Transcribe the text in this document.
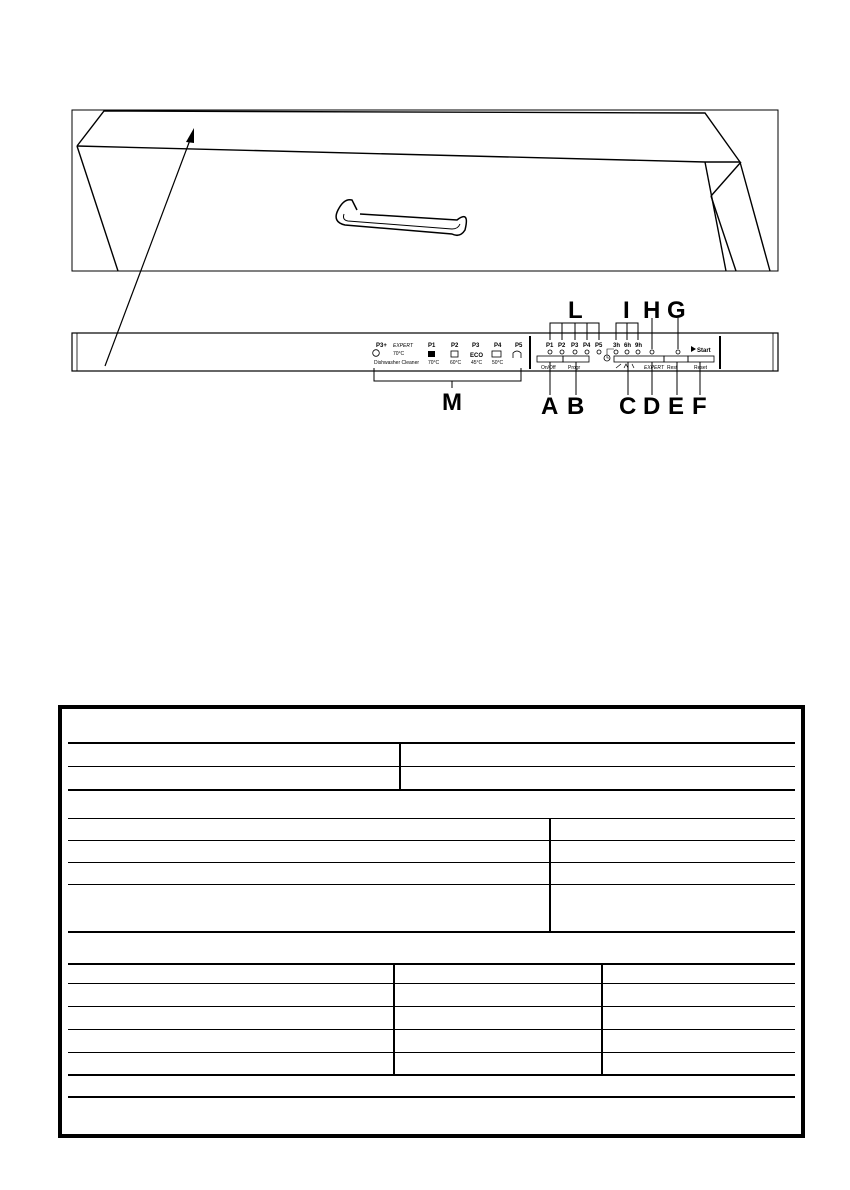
P3+ EXPERT
70°C
Dishwasher Cleaner
P1	P2 P3 P4 P5
ECO
70°C 60°C 45°C 50°C
P1 P2 P3 P4 P5
On/Off Progr
3h 6h 9h
EXPERT Rest
Start
Reset
L I H G
A B C D E F
M
